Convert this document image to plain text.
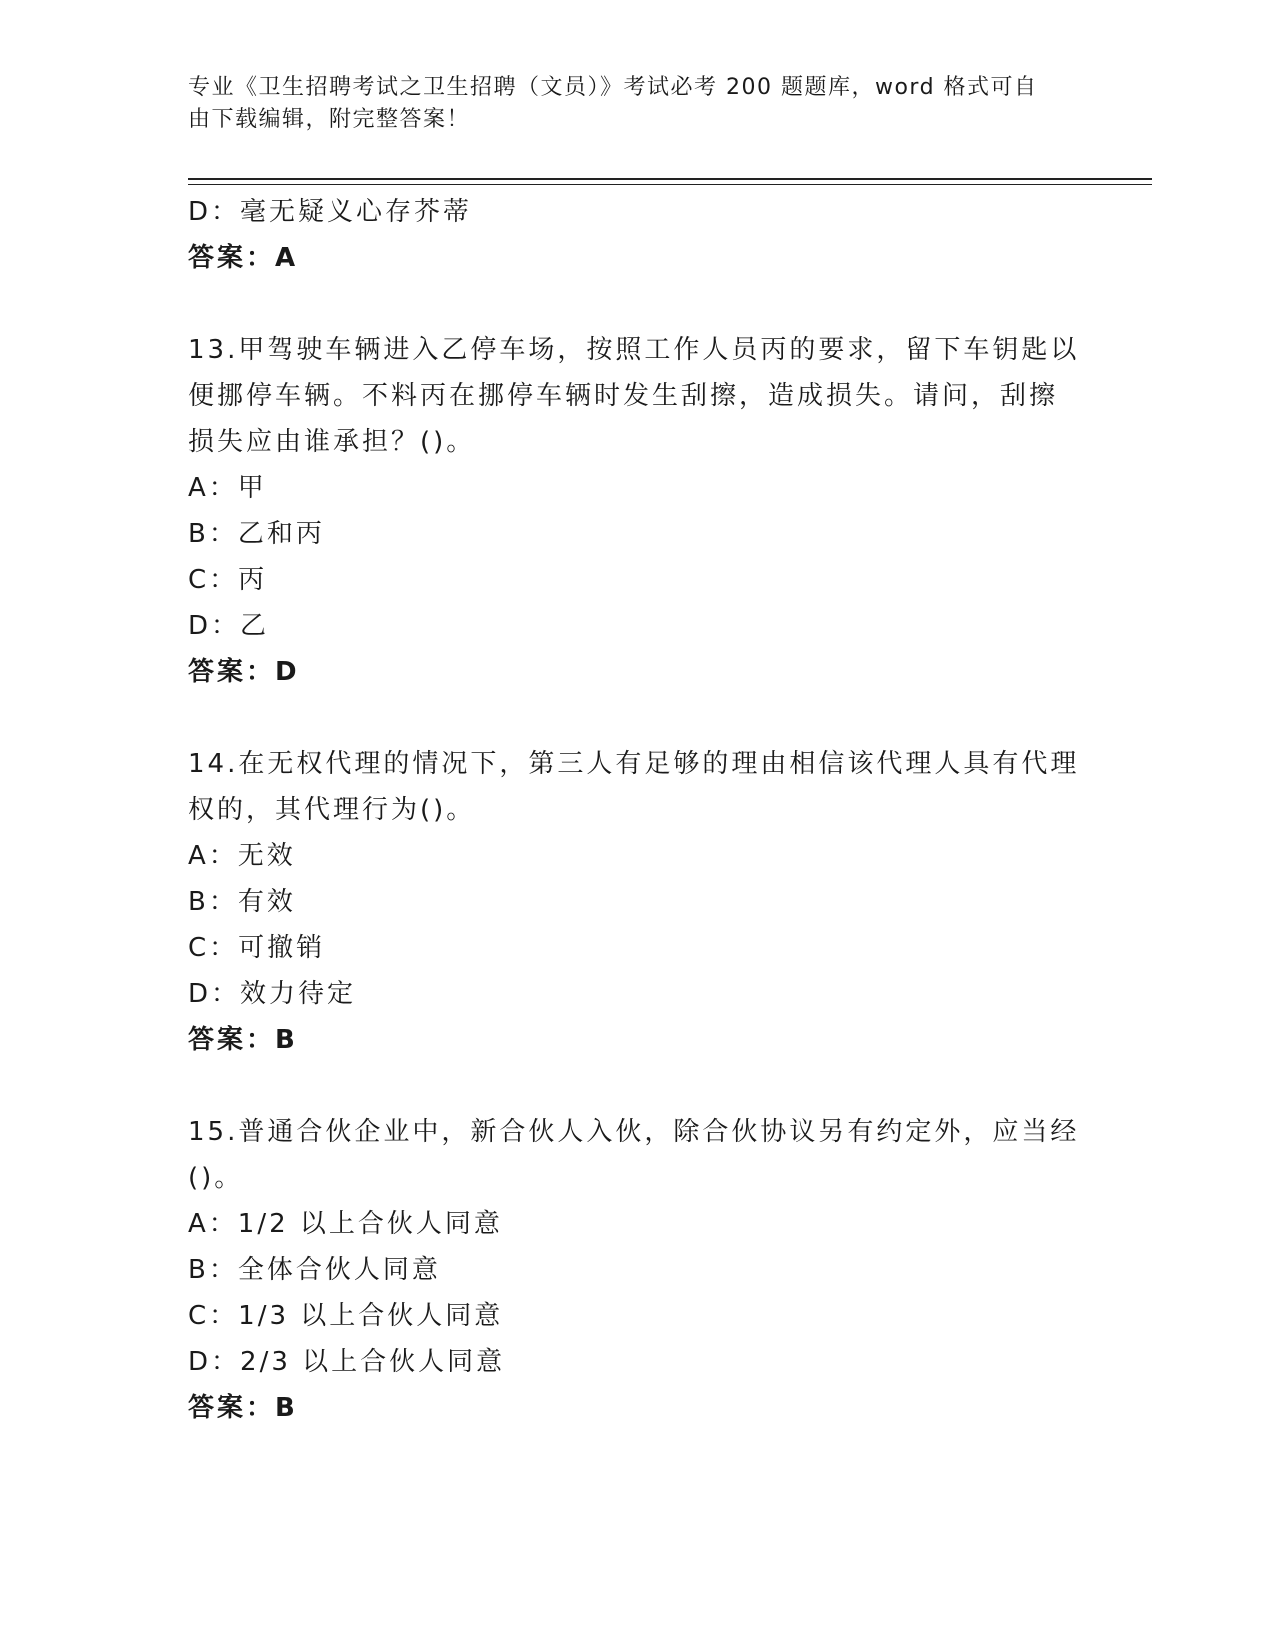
专业《卫生招聘考试之卫生招聘（文员）》考试必考 200 题题库，word 格式可自
由下载编辑，附完整答案！
D：毫无疑义心存芥蒂
答案：A
13.甲驾驶车辆进入乙停车场，按照工作人员丙的要求，留下车钥匙以
便挪停车辆。不料丙在挪停车辆时发生刮擦，造成损失。请问，刮擦
损失应由谁承担？()。
A：甲
B：乙和丙
C：丙
D：乙
答案：D
14.在无权代理的情况下，第三人有足够的理由相信该代理人具有代理
权的，其代理行为()。
A：无效
B：有效
C：可撤销
D：效力待定
答案：B
15.普通合伙企业中，新合伙人入伙，除合伙协议另有约定外，应当经
()。
A：1/2 以上合伙人同意
B：全体合伙人同意
C：1/3 以上合伙人同意
D：2/3 以上合伙人同意
答案：B
